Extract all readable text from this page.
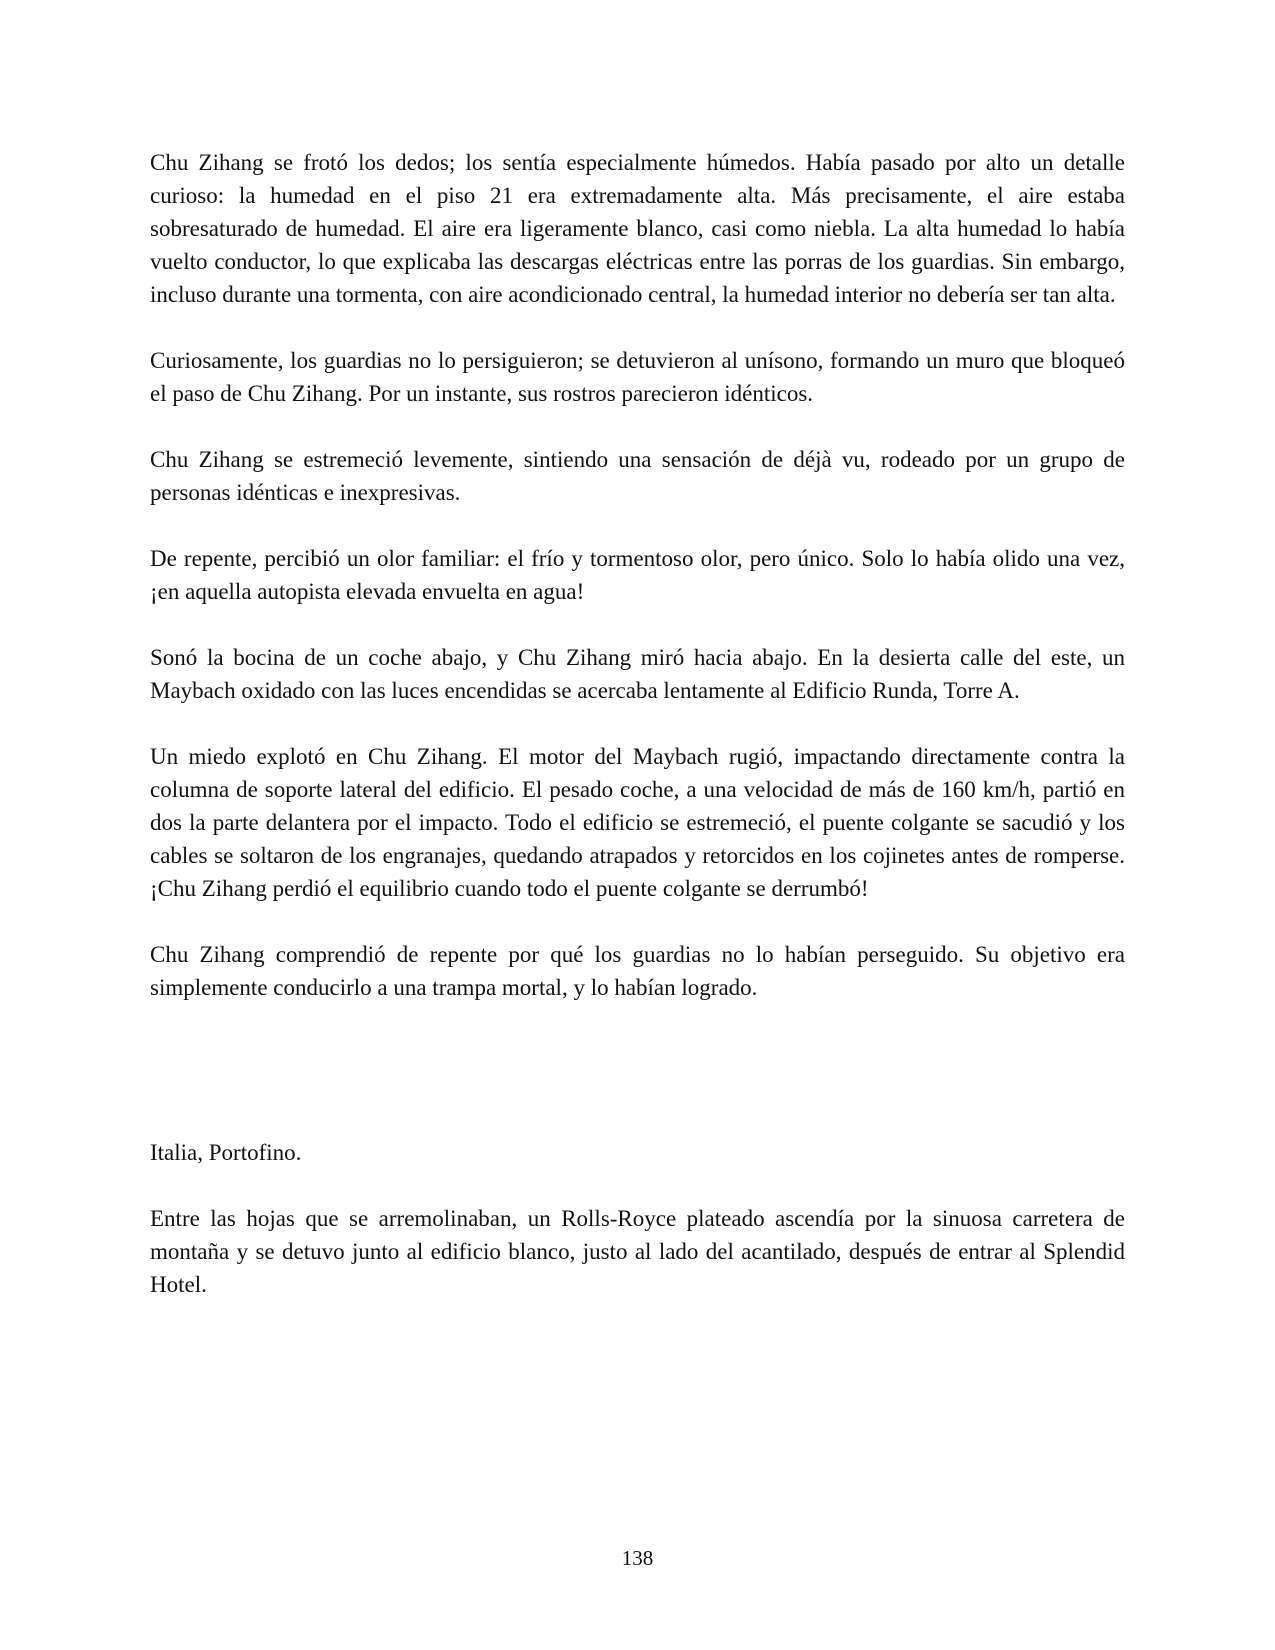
Chu Zihang se frotó los dedos; los sentía especialmente húmedos. Había pasado por alto un detalle curioso: la humedad en el piso 21 era extremadamente alta. Más precisamente, el aire estaba sobresaturado de humedad. El aire era ligeramente blanco, casi como niebla. La alta humedad lo había vuelto conductor, lo que explicaba las descargas eléctricas entre las porras de los guardias. Sin embargo, incluso durante una tormenta, con aire acondicionado central, la humedad interior no debería ser tan alta.

Curiosamente, los guardias no lo persiguieron; se detuvieron al unísono, formando un muro que bloqueó el paso de Chu Zihang. Por un instante, sus rostros parecieron idénticos.

Chu Zihang se estremeció levemente, sintiendo una sensación de déjà vu, rodeado por un grupo de personas idénticas e inexpresivas.

De repente, percibió un olor familiar: el frío y tormentoso olor, pero único. Solo lo había olido una vez, ¡en aquella autopista elevada envuelta en agua!

Sonó la bocina de un coche abajo, y Chu Zihang miró hacia abajo. En la desierta calle del este, un Maybach oxidado con las luces encendidas se acercaba lentamente al Edificio Runda, Torre A.

Un miedo explotó en Chu Zihang. El motor del Maybach rugió, impactando directamente contra la columna de soporte lateral del edificio. El pesado coche, a una velocidad de más de 160 km/h, partió en dos la parte delantera por el impacto. Todo el edificio se estremeció, el puente colgante se sacudió y los cables se soltaron de los engranajes, quedando atrapados y retorcidos en los cojinetes antes de romperse. ¡Chu Zihang perdió el equilibrio cuando todo el puente colgante se derrumbó!

Chu Zihang comprendió de repente por qué los guardias no lo habían perseguido. Su objetivo era simplemente conducirlo a una trampa mortal, y lo habían logrado.

Italia, Portofino.

Entre las hojas que se arremolinaban, un Rolls-Royce plateado ascendía por la sinuosa carretera de montaña y se detuvo junto al edificio blanco, justo al lado del acantilado, después de entrar al Splendid Hotel.

138
